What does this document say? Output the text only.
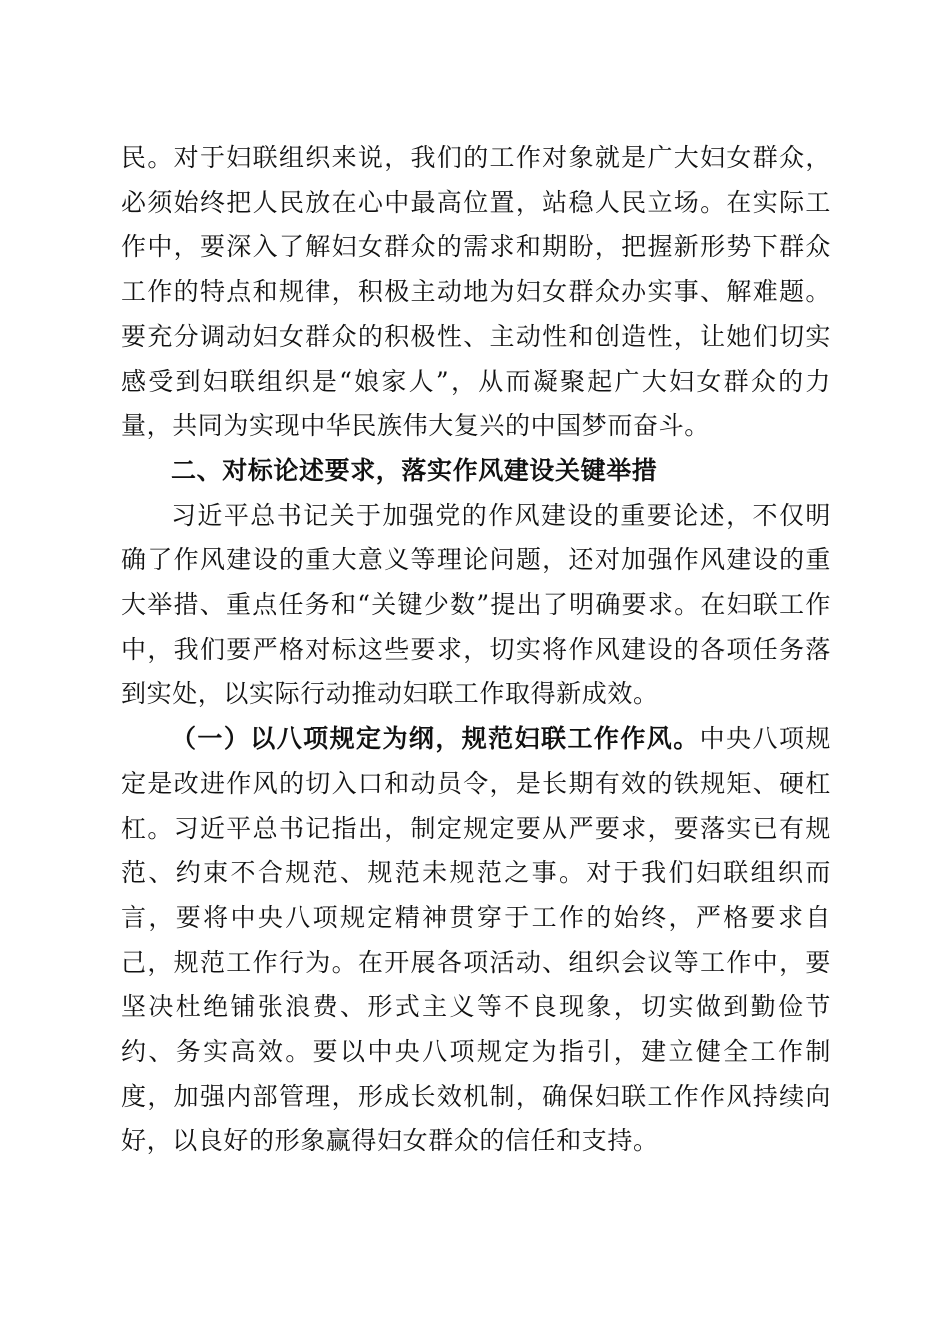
民。对于妇联组织来说，我们的工作对象就是广大妇女群众，必须始终把人民放在心中最高位置，站稳人民立场。在实际工作中，要深入了解妇女群众的需求和期盼，把握新形势下群众工作的特点和规律，积极主动地为妇女群众办实事、解难题。要充分调动妇女群众的积极性、主动性和创造性，让她们切实感受到妇联组织是“娘家人”，从而凝聚起广大妇女群众的力量，共同为实现中华民族伟大复兴的中国梦而奋斗。

二、对标论述要求，落实作风建设关键举措

习近平总书记关于加强党的作风建设的重要论述，不仅明确了作风建设的重大意义等理论问题，还对加强作风建设的重大举措、重点任务和“关键少数”提出了明确要求。在妇联工作中，我们要严格对标这些要求，切实将作风建设的各项任务落到实处，以实际行动推动妇联工作取得新成效。

（一）以八项规定为纲，规范妇联工作作风。中央八项规定是改进作风的切入口和动员令，是长期有效的铁规矩、硬杠杠。习近平总书记指出，制定规定要从严要求，要落实已有规范、约束不合规范、规范未规范之事。对于我们妇联组织而言，要将中央八项规定精神贯穿于工作的始终，严格要求自己，规范工作行为。在开展各项活动、组织会议等工作中，要坚决杜绝铺张浪费、形式主义等不良现象，切实做到勤俭节约、务实高效。要以中央八项规定为指引，建立健全工作制度，加强内部管理，形成长效机制，确保妇联工作作风持续向好，以良好的形象赢得妇女群众的信任和支持。
